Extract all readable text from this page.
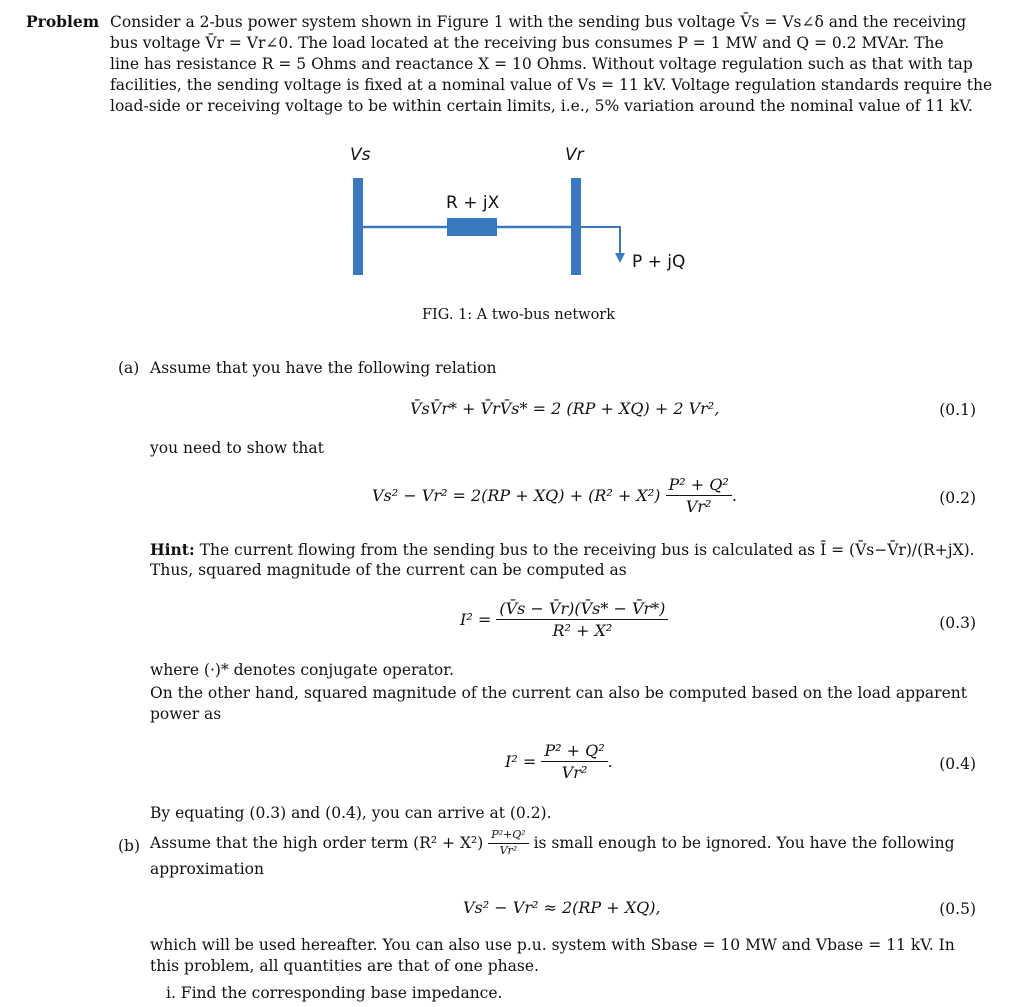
Problem Consider a 2-bus power system shown in Figure 1 with the sending bus voltage V̄s = Vs∠δ and the receiving
bus voltage V̄r = Vr∠0. The load located at the receiving bus consumes P = 1 MW and Q = 0.2 MVAr. The
line has resistance R = 5 Ohms and reactance X = 10 Ohms. Without voltage regulation such as that with tap
facilities, the sending voltage is fixed at a nominal value of Vs = 11 kV. Voltage regulation standards require the
load-side or receiving voltage to be within certain limits, i.e., 5% variation around the nominal value of 11 kV.
Vs	Vr
R + jX
P + jQ
FIG. 1: A two-bus network
(a) Assume that you have the following relation
V̄sV̄r* + V̄rV̄s* = 2 (RP + XQ) + 2 Vr²,	(0.1)
you need to show that
$Vs^2 - Vr^2 = 2(RP + XQ) + (R^2 + X^2) \frac{\text{P² + Q²}}{\text{Vr²}}$ .	(0.2)
Hint: The current flowing from the sending bus to the receiving bus is calculated as Ī = (V̄s−V̄r)/(R+jX).
Thus, squared magnitude of the current can be computed as
$I^2 = \frac{(V̄s - V̄r)(V̄s* - V̄r*)}{\text{R² + X²}}$	(0.3)
where (·)* denotes conjugate operator.
On the other hand, squared magnitude of the current can also be computed based on the load apparent
power as
$I^2 = \frac{\text{P² + Q²}}{\text{Vr²}}$ .	(0.4)
By equating (0.3) and (0.4), you can arrive at (0.2).
(b) Assume that the high order term $(R^2 + X^2) \frac{\text{P²+Q²}}{\text{Vr²}}$ is small enough to be ignored. You have the following
approximation
Vs² − Vr² ≈ 2(RP + XQ),	(0.5)
which will be used hereafter. You can also use p.u. system with Sbase = 10 MW and Vbase = 11 kV. In
this problem, all quantities are that of one phase.
i. Find the corresponding base impedance.
